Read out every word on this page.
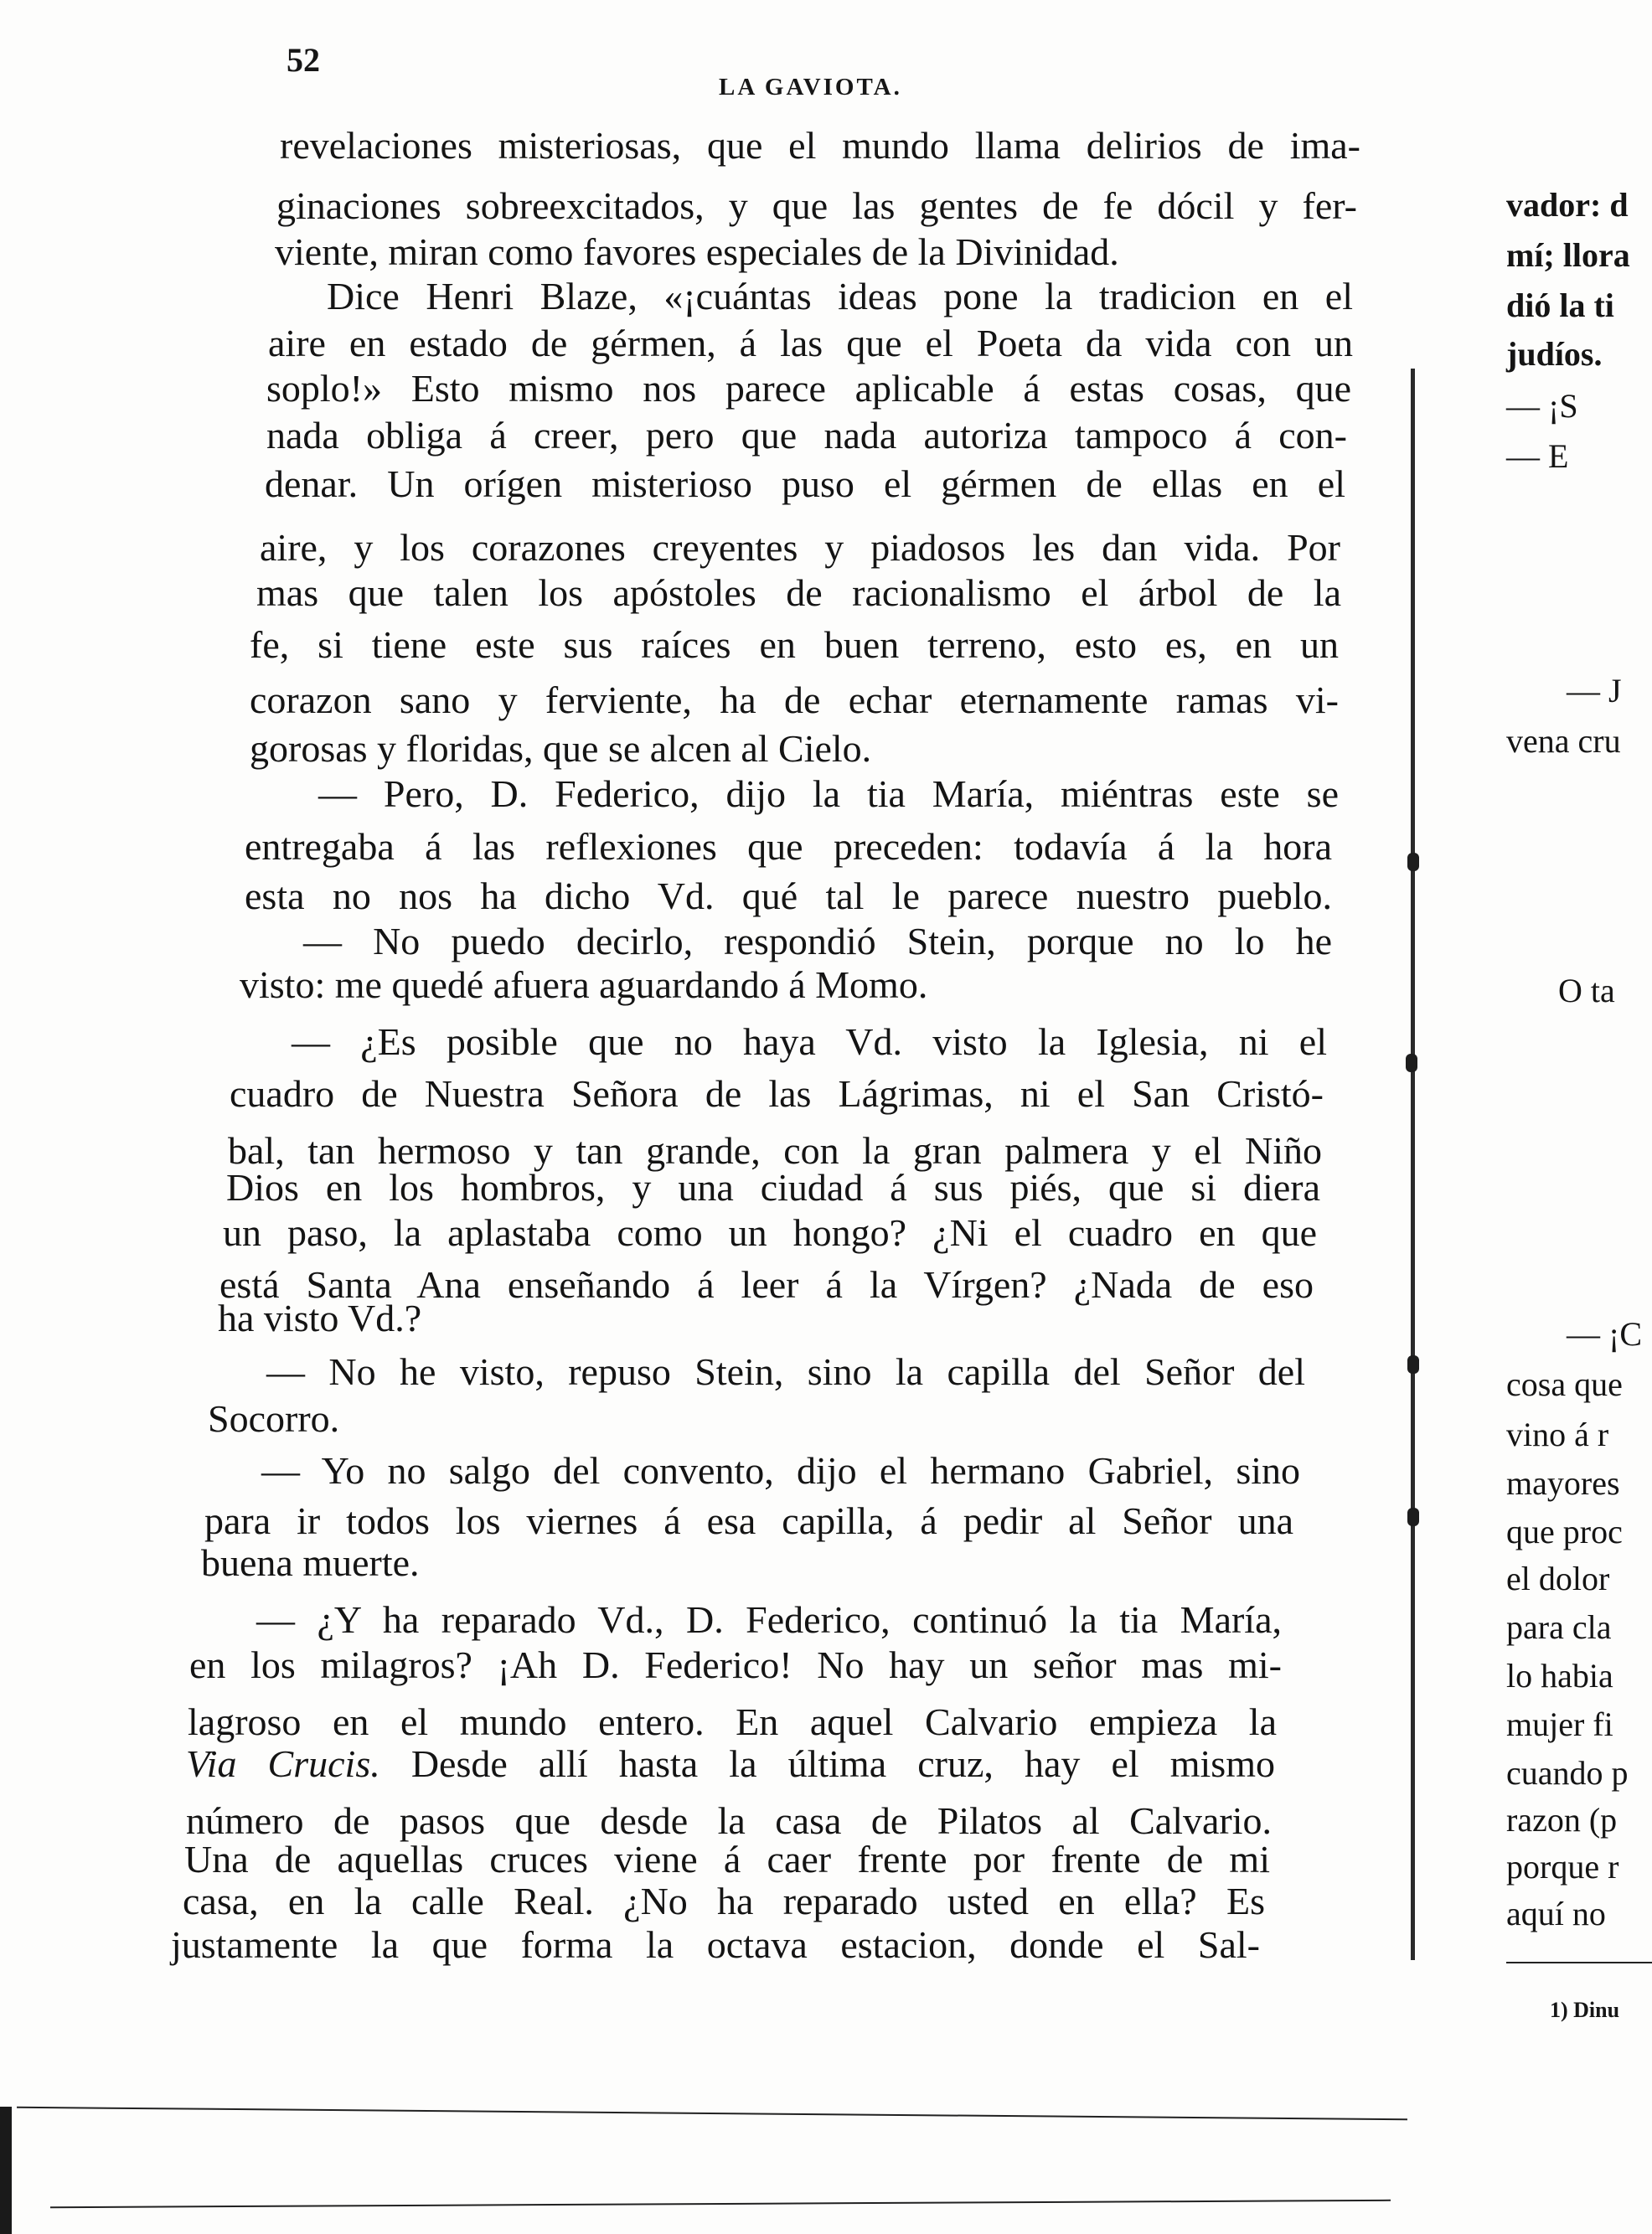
52
LA GAVIOTA.
revelaciones misteriosas, que el mundo llama delirios de ima-
ginaciones sobreexcitados, y que las gentes de fe dócil y fer-
viente, miran como favores especiales de la Divinidad.
Dice Henri Blaze, «¡cuántas ideas pone la tradicion en el
aire en estado de gérmen, á las que el Poeta da vida con un
soplo!» Esto mismo nos parece aplicable á estas cosas, que
nada obliga á creer, pero que nada autoriza tampoco á con-
denar. Un orígen misterioso puso el gérmen de ellas en el
aire, y los corazones creyentes y piadosos les dan vida. Por
mas que talen los apóstoles de racionalismo el árbol de la
fe, si tiene este sus raíces en buen terreno, esto es, en un
corazon sano y ferviente, ha de echar eternamente ramas vi-
gorosas y floridas, que se alcen al Cielo.
— Pero, D. Federico, dijo la tia María, miéntras este se
entregaba á las reflexiones que preceden: todavía á la hora
esta no nos ha dicho Vd. qué tal le parece nuestro pueblo.
— No puedo decirlo, respondió Stein, porque no lo he
visto: me quedé afuera aguardando á Momo.
— ¿Es posible que no haya Vd. visto la Iglesia, ni el
cuadro de Nuestra Señora de las Lágrimas, ni el San Cristó-
bal, tan hermoso y tan grande, con la gran palmera y el Niño
Dios en los hombros, y una ciudad á sus piés, que si diera
un paso, la aplastaba como un hongo? ¿Ni el cuadro en que
está Santa Ana enseñando á leer á la Vírgen? ¿Nada de eso
ha visto Vd.?
— No he visto, repuso Stein, sino la capilla del Señor del
Socorro.
— Yo no salgo del convento, dijo el hermano Gabriel, sino
para ir todos los viernes á esa capilla, á pedir al Señor una
buena muerte.
— ¿Y ha reparado Vd., D. Federico, continuó la tia María,
en los milagros? ¡Ah D. Federico! No hay un señor mas mi-
lagroso en el mundo entero. En aquel Calvario empieza la
Via Crucis. Desde allí hasta la última cruz, hay el mismo
número de pasos que desde la casa de Pilatos al Calvario.
Una de aquellas cruces viene á caer frente por frente de mi
casa, en la calle Real. ¿No ha reparado usted en ella? Es
justamente la que forma la octava estacion, donde el Sal-
vador: d
mí; llora
dió la ti
judíos.
— ¡S
— E
— J
vena cru
O ta
— ¡C
cosa que
vino á r
mayores
que proc
el dolor
para cla
lo habia
mujer fi
cuando p
razon (p
porque r
aquí no
1) Dinu
